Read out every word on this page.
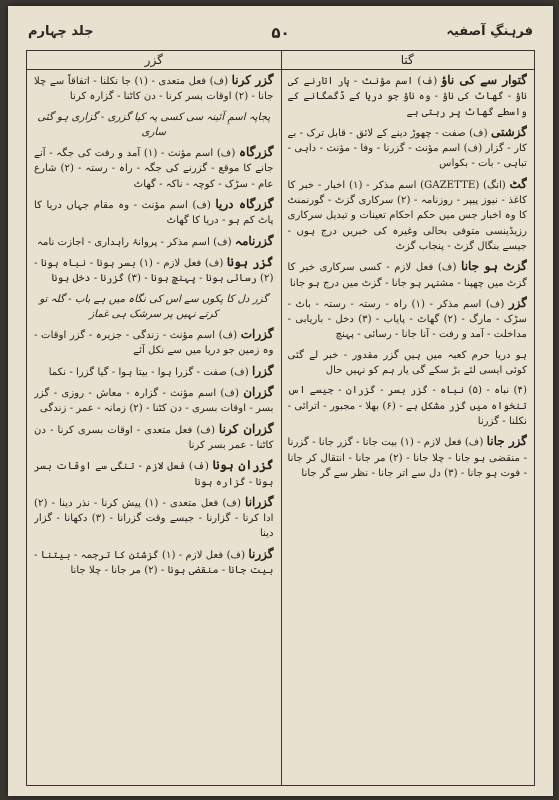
فرہنگِ آصفیہ
۵۰
جلد چہارم
گتا
گزر
گتوار سے کی ناؤ (ف) اسم مؤنث - پار اتارنے کی ناؤ - گھاٹ کی ناؤ - وہ ناؤ جو دریا کے ڈگمگانے کے واسطے گھاٹ پر رہتی ہے
گزشتی (ف) صفت - چھوڑ دینے کے لائق - قابل ترک - بے کار - گزار (ف) اسم مؤنث - گزرنا - وفا - مؤنث - داہی - تباہی - بات - بکواس
گٹ (انگ) (GAZETTE) اسم مذکر - (۱) اخبار - خبر کا کاغذ - نیوز پیپر - روزنامہ - (۲) سرکاری گزٹ - گورنمنٹ کا وہ اخبار جس میں حکم احکام تعینات و تبدیل سرکاری رزیڈینسی متوفی بحالی وغیرہ کی خبریں درج ہوں - جیسے بنگال گزٹ - پنجاب گزٹ
گزٹ ہو جانا (ف) فعل لازم - کسی سرکاری خبر کا گزٹ میں چھپنا - مشتہر ہو جانا - گزٹ میں درج ہو جانا
گزر (ف) اسم مذکر - (۱) راہ - رستہ - رستہ - باٹ - سڑک - مارگ - (۲) گھاٹ - پایاب - (۳) دخل - باریابی - مداخلت - آمد و رفت - آنا جانا - رسائی - پہنچ
ہو دریا حرم کعبہ میں ہیں گزر مقدور - خبر لے گئی کوئی ایسی لئے بڑ سکے گی یار ہم کو نہیں حال
(۴) نباہ - (۵) نباہ - گزر بسر - گزران - جیسے اس تنخواہ میں گزر مشکل ہے - (۶) بھلا - مجبور - اترائی - نکلنا - گزرنا
گزر جانا (ف) فعل لازم - (۱) بیت جانا - گزر جانا - گزرنا - منقضی ہو جانا - چلا جانا - (۲) مر جانا - انتقال کر جانا - فوت ہو جانا - (۳) دل سے اتر جانا - نظر سے گر جانا
گزر کرنا (ف) فعل متعدی - (۱) جا نکلنا - اتفاقاً سے چلا جانا - (۲) اوقات بسر کرنا - دن کاٹنا - گزارہ کرنا
پجاپہ اسمِ آئینہ سی کسی پہ کیا گزری - گزاری ہو گئی ساری
گزرگاہ (ف) اسم مؤنث - (۱) آمد و رفت کی جگہ - آنے جانے کا موقع - گزرنے کی جگہ - راہ - رستہ - (۲) شارع عام - سڑک - کوچہ - ناکہ - گھاٹ
گزرگاہ دریا (ف) اسم مؤنث - وہ مقام جہاں دریا کا پاٹ کم ہو - دریا کا گھاٹ
گزرنامہ (ف) اسم مذکر - پروانۂ راہداری - اجازت نامہ
گزر ہونا (ف) فعل لازم - (۱) بسر ہونا - نباہ ہونا - (۲) رسائی ہونا - پہنچ ہونا - (۳) گزرنا - دخل ہونا
گزر دل کا پکوں سے اس کی نگاہ میں ہے باب - گلہ تو کرتے نہیں پر سرشک ہی غماز
گزرات (ف) اسم مؤنث - زندگی - جزیرہ - گزر اوقات - وہ زمین جو دریا میں سے نکل آئے
گزرا (ف) صفت - گزرا ہوا - بیتا ہوا - گیا گزرا - نکما
گزران (ف) اسم مؤنث - گزارہ - معاش - روزی - گزر بسر - اوقات بسری - دن کٹنا - (۲) زمانہ - عمر - زندگی
گزران کرنا (ف) فعل متعدی - اوقات بسری کرنا - دن کاٹنا - عمر بسر کرنا
گزران ہونا (ف) فعل لازم - تنگی سے اوقات بسر ہونا - گزارہ ہونا
گزرانا (ف) فعل متعدی - (۱) پیش کرنا - نذر دینا - (۲) ادا کرنا - گزارنا - جیسے وقت گزرانا - (۳) دکھانا - گزار دینا
گزرنا (ف) فعل لازم - (۱) گزشتن کا ترجمہ - بیتنا - بیت جانا - منقضی ہونا - (۲) مر جانا - چلا جانا
